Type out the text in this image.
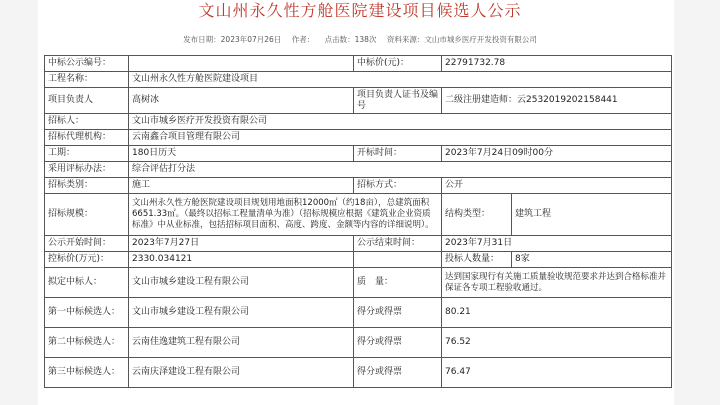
文山州永久性方舱医院建设项目候选人公示
发布日期：2023年07月26日 作者： 点击数：138次 资料来源：文山市城乡医疗开发投资有限公司
中标公示编号：		中标价(元)：	22791732.78	
工程名称：	文山州永久性方舱医院建设项目			
项目负责人	高树冰	项目负责人证书及编号	二级注册建造师：云2532019202158441	
招标人：	文山市城乡医疗开发投资有限公司			
招标代理机构：	云南鑫合项目管理有限公司			
工期：	180日历天	开标时间：	2023年7月24日09时00分	
采用评标办法：	综合评估打分法			
招标类别：	施工	招标方式：	公开	
招标规模：	文山州永久性方舱医院建设项目规划用地面积12000㎡（约18亩），总建筑面积6651.33㎡。（最终以招标工程量清单为准）（招标规模应根据《建筑业企业资质标准》中从业标准，包括招标项目面积、高度、跨度、金额等内容的详细说明）。		结构类型：	建筑工程
公示开始时间：	2023年7月27日	公示结束时间：	2023年7月31日	
控标价(万元)：	2330.034121		投标人数量：	8家
拟定中标人：	文山市城乡建设工程有限公司	质　量：	达到国家现行有关施工质量验收规范要求并达到合格标准并保证各专项工程验收通过。	
第一中标候选人：	文山市城乡建设工程有限公司	得分或得票	80.21	
第二中标候选人：	云南佳逸建筑工程有限公司	得分或得票	76.52	
第三中标候选人：	云南庆泽建设工程有限公司	得分或得票	76.47	
